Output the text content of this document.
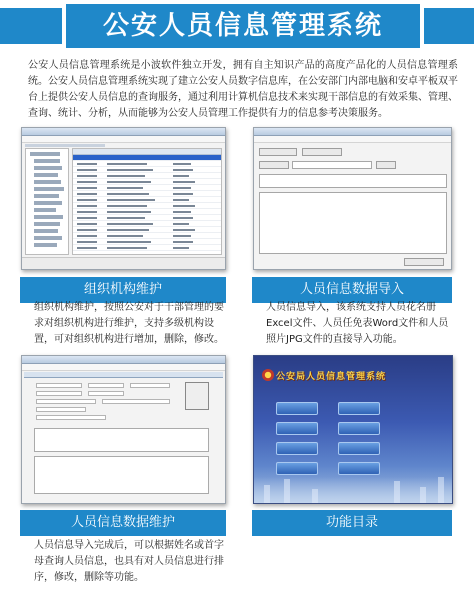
公安人员信息管理系统

公安人员信息管理系统是小波软件独立开发，拥有自主知识产品的高度产品化的人员信息管理系统。公安人员信息管理系统实现了建立公安人员数字信息库，在公安部门内部电脑和安卓平板双平台上提供公安人员信息的查询服务，通过利用计算机信息技术来实现干部信息的有效采集、管理、查询、统计、分析，从而能够为公安人员管理工作提供有力的信息参考决策服务。

组织机构维护

组织机构维护，按照公安对于干部管理的要求对组织机构进行维护，支持多级机构设置，可对组织机构进行增加，删除，修改。

人员信息数据导入

人员信息导入，该系统支持人员花名册Excel文件、人员任免表Word文件和人员照片JPG文件的直接导入功能。

人员信息数据维护

人员信息导入完成后，可以根据姓名或首字母查询人员信息，也具有对人员信息进行排序，修改，删除等功能。

公安局人员信息管理系统
功能目录
